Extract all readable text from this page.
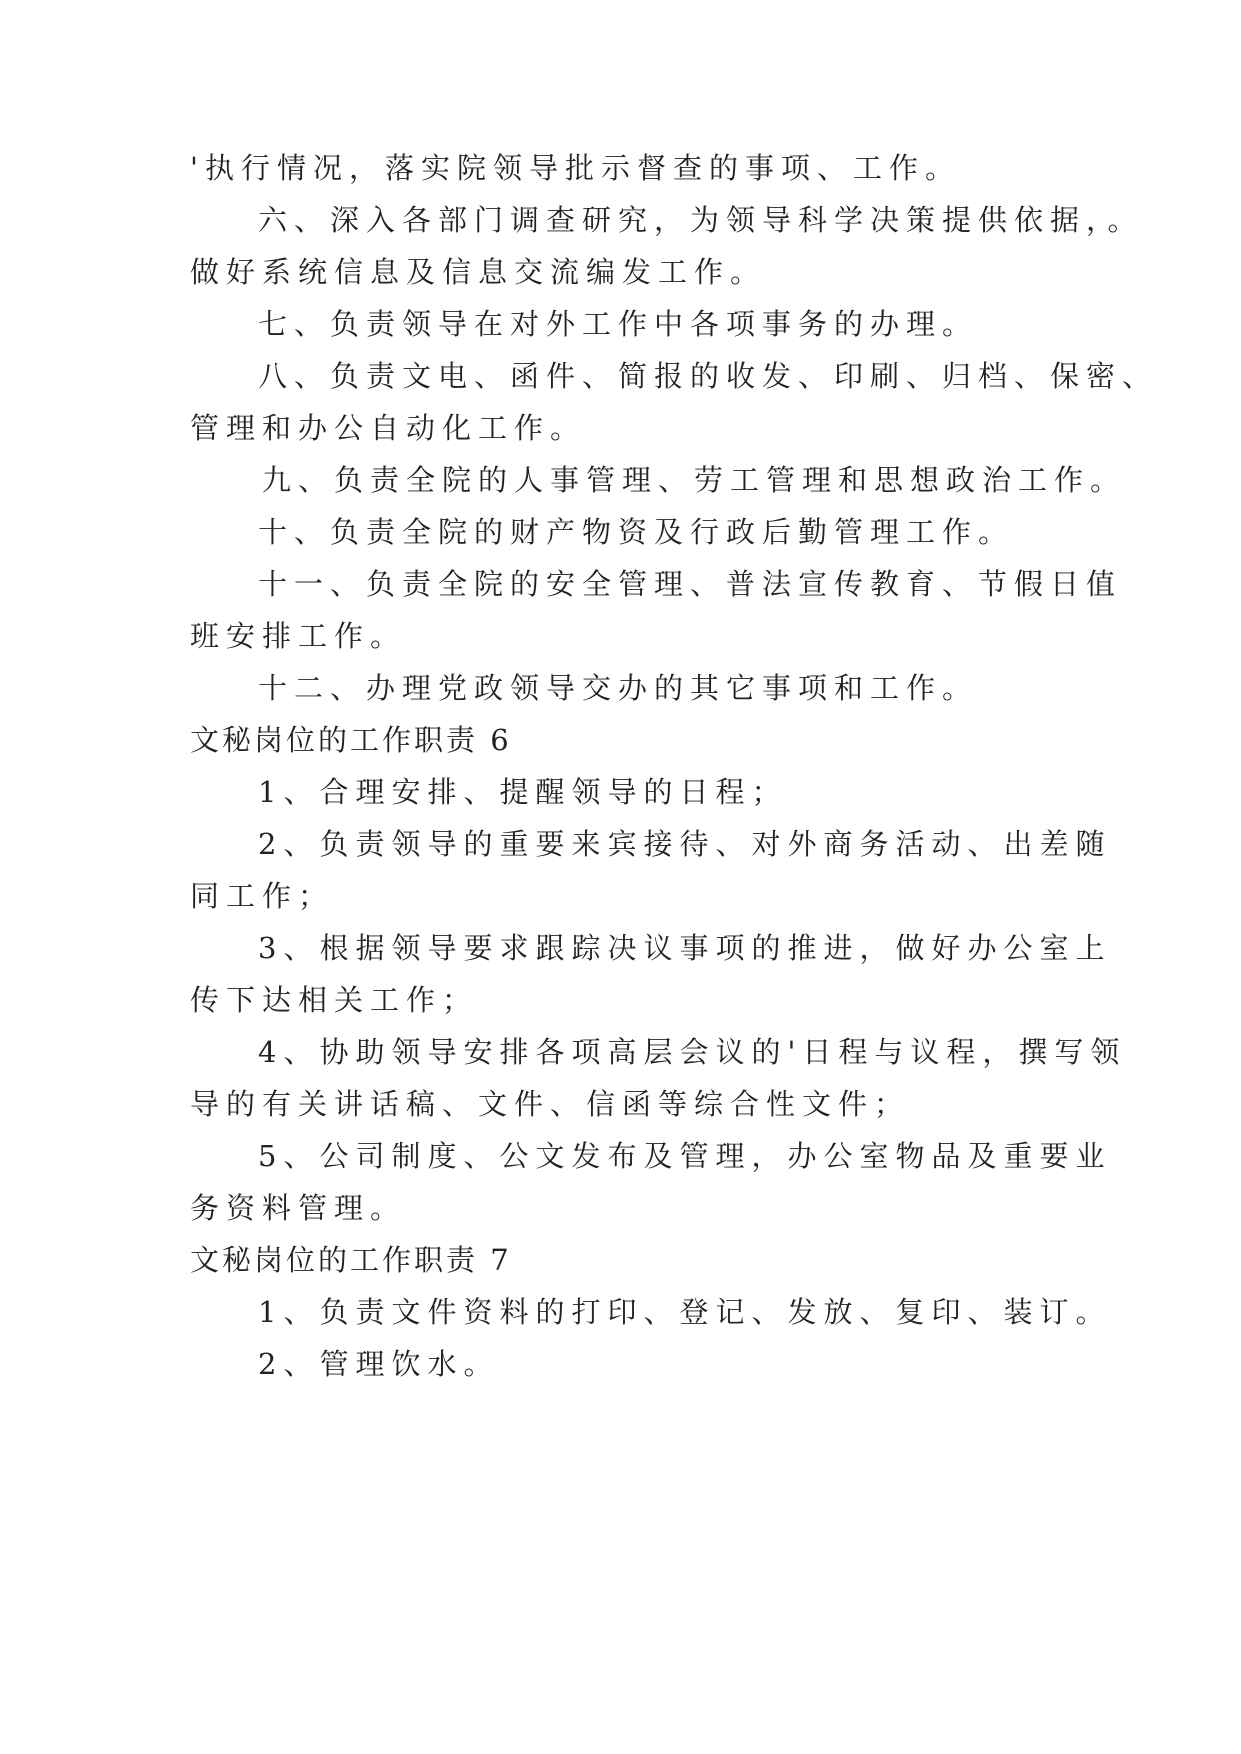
'执行情况，落实院领导批示督查的事项、工作。
六、深入各部门调查研究，为领导科学决策提供依据，。
做好系统信息及信息交流编发工作。
七、负责领导在对外工作中各项事务的办理。
八、负责文电、函件、简报的收发、印刷、归档、保密、
管理和办公自动化工作。
九、负责全院的人事管理、劳工管理和思想政治工作。
十、负责全院的财产物资及行政后勤管理工作。
十一、负责全院的安全管理、普法宣传教育、节假日值
班安排工作。
十二、办理党政领导交办的其它事项和工作。
文秘岗位的工作职责 6
1、合理安排、提醒领导的日程；
2、负责领导的重要来宾接待、对外商务活动、出差随
同工作；
3、根据领导要求跟踪决议事项的推进，做好办公室上
传下达相关工作；
4、协助领导安排各项高层会议的'日程与议程，撰写领
导的有关讲话稿、文件、信函等综合性文件；
5、公司制度、公文发布及管理，办公室物品及重要业
务资料管理。
文秘岗位的工作职责 7
1、负责文件资料的打印、登记、发放、复印、装订。
2、管理饮水。
